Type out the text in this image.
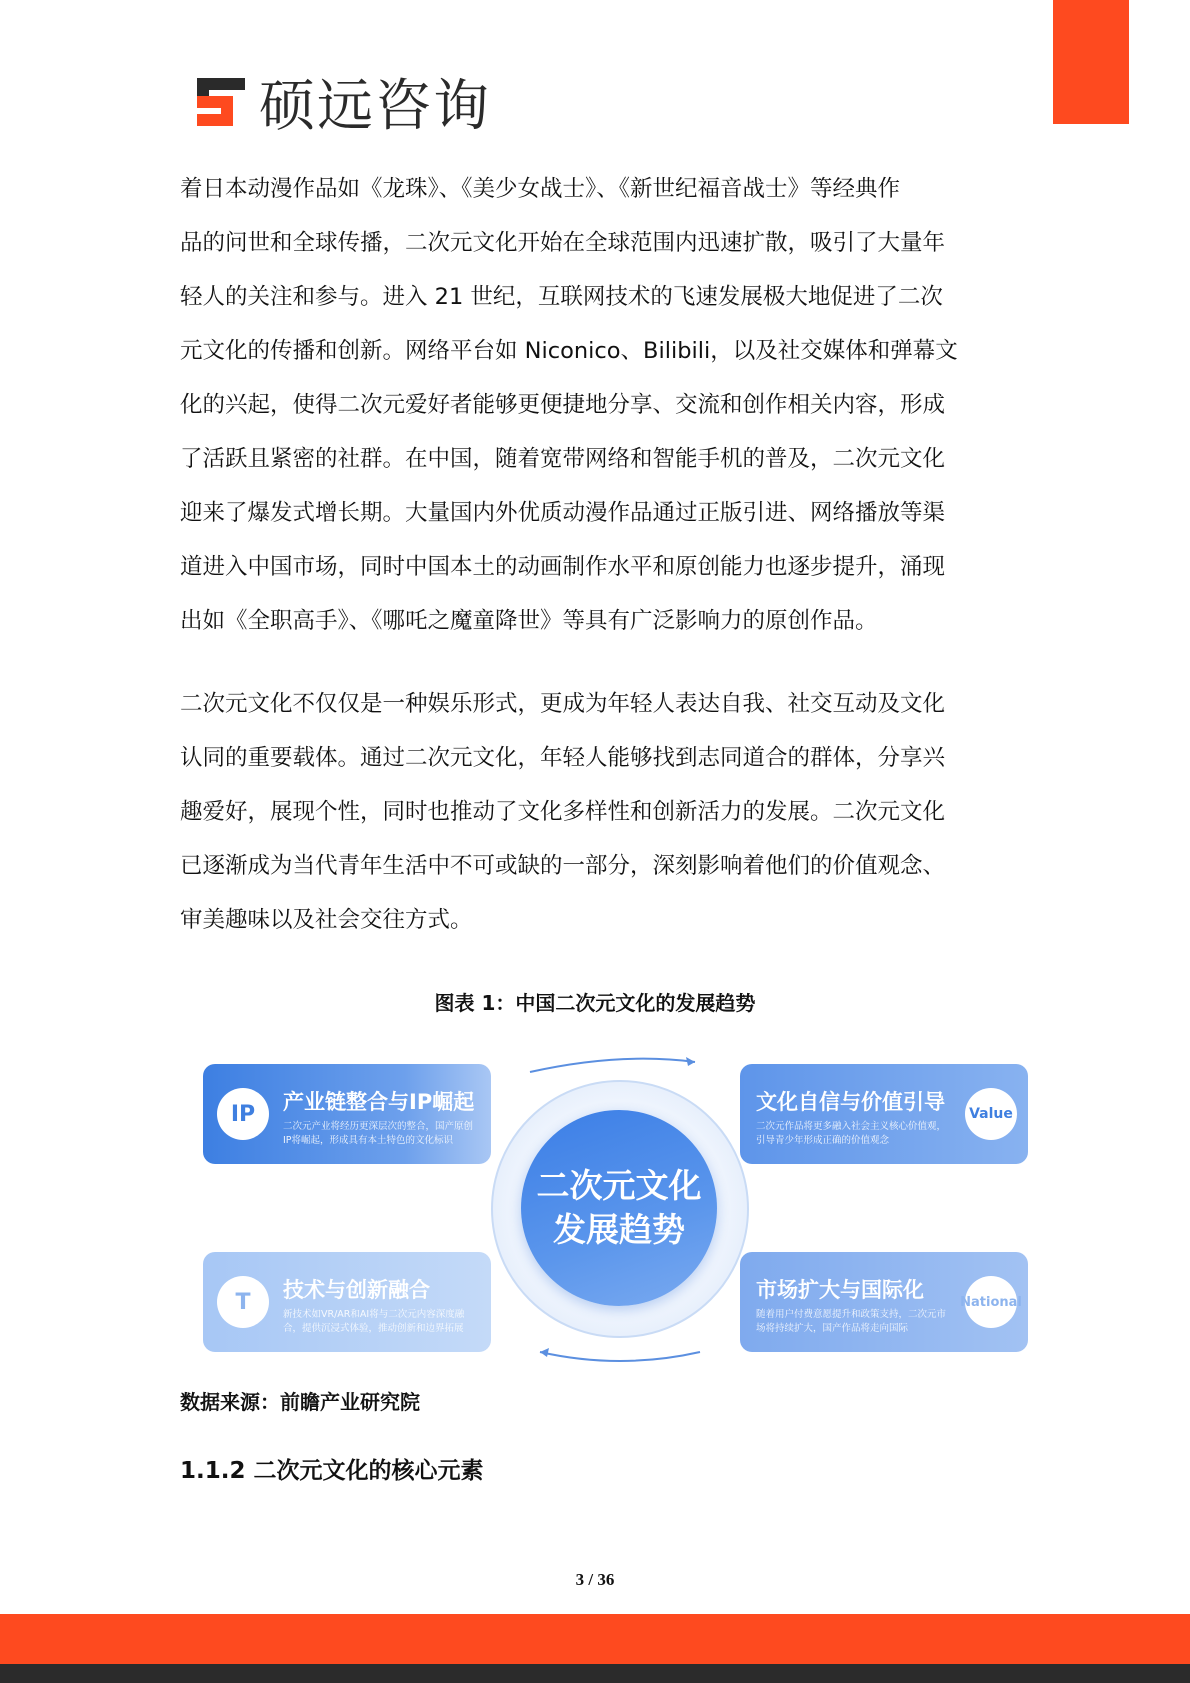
硕远咨询
着日本动漫作品如《龙珠》、《美少女战士》、《新世纪福音战士》等经典作
品的问世和全球传播，二次元文化开始在全球范围内迅速扩散，吸引了大量年
轻人的关注和参与。进入 21 世纪，互联网技术的飞速发展极大地促进了二次
元文化的传播和创新。网络平台如 Niconico、Bilibili，以及社交媒体和弹幕文
化的兴起，使得二次元爱好者能够更便捷地分享、交流和创作相关内容，形成
了活跃且紧密的社群。在中国，随着宽带网络和智能手机的普及，二次元文化
迎来了爆发式增长期。大量国内外优质动漫作品通过正版引进、网络播放等渠
道进入中国市场，同时中国本土的动画制作水平和原创能力也逐步提升，涌现
出如《全职高手》、《哪吒之魔童降世》等具有广泛影响力的原创作品。
二次元文化不仅仅是一种娱乐形式，更成为年轻人表达自我、社交互动及文化
认同的重要载体。通过二次元文化，年轻人能够找到志同道合的群体，分享兴
趣爱好，展现个性，同时也推动了文化多样性和创新活力的发展。二次元文化
已逐渐成为当代青年生活中不可或缺的一部分，深刻影响着他们的价值观念、
审美趣味以及社会交往方式。
图表 1：中国二次元文化的发展趋势
IP	产业链整合与IP崛起
二次元产业将经历更深层次的整合，国产原创IP将崛起，形成具有本土特色的文化标识
Value
文化自信与价值引导
二次元作品将更多融入社会主义核心价值观，引导青少年形成正确的价值观念
T	技术与创新融合
新技术如VR/AR和AI将与二次元内容深度融合，提供沉浸式体验，推动创新和边界拓展
National
市场扩大与国际化
随着用户付费意愿提升和政策支持，二次元市场将持续扩大，国产作品将走向国际
二次元文化
发展趋势
数据来源：前瞻产业研究院
1.1.2 二次元文化的核心元素
3 / 36
